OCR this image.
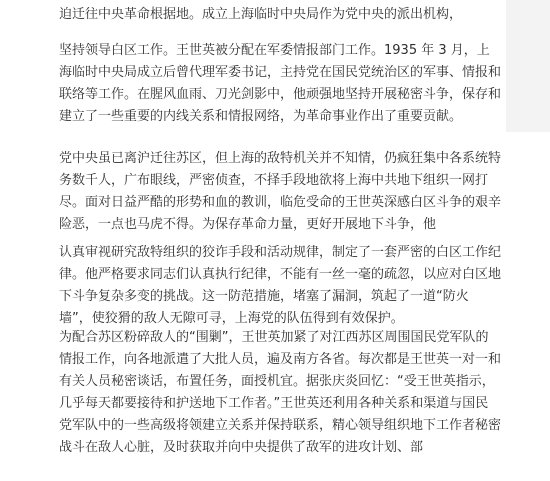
迫迁往中央革命根据地。成立上海临时中央局作为党中央的派出机构，

坚持领导白区工作。王世英被分配在军委情报部门工作。1935 年 3 月，上海临时中央局成立后曾代理军委书记，主持党在国民党统治区的军事、情报和联络等工作。在腥风血雨、刀光剑影中，他顽强地坚持开展秘密斗争，保存和建立了一些重要的内线关系和情报网络，为革命事业作出了重要贡献。

党中央虽已离沪迁往苏区，但上海的敌特机关并不知情，仍疯狂集中各系统特务数千人，广布眼线，严密侦查，不择手段地欲将上海中共地下组织一网打尽。面对日益严酷的形势和血的教训，临危受命的王世英深感白区斗争的艰辛险恶，一点也马虎不得。为保存革命力量，更好开展地下斗争，他

认真审视研究敌特组织的狡诈手段和活动规律，制定了一套严密的白区工作纪律。他严格要求同志们认真执行纪律，不能有一丝一毫的疏忽，以应对白区地下斗争复杂多变的挑战。这一防范措施，堵塞了漏洞，筑起了一道“防火墙”，使狡猾的敌人无隙可寻，上海党的队伍得到有效保护。

为配合苏区粉碎敌人的“围剿”，王世英加紧了对江西苏区周围国民党军队的情报工作，向各地派遣了大批人员，遍及南方各省。每次都是王世英一对一和有关人员秘密谈话，布置任务，面授机宜。据张庆炎回忆：“受王世英指示，几乎每天都要接待和护送地下工作者。”王世英还利用各种关系和渠道与国民党军队中的一些高级将领建立关系并保持联系，精心领导组织地下工作者秘密战斗在敌人心脏，及时获取并向中央提供了敌军的进攻计划、部
